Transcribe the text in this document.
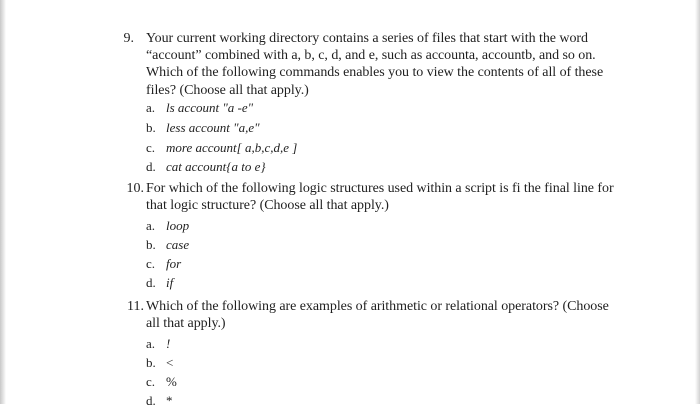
9. Your current working directory contains a series of files that start with the word
“account” combined with a, b, c, d, and e, such as accounta, accountb, and so on.
Which of the following commands enables you to view the contents of all of these
files? (Choose all that apply.)
a. ls account "a -e"
b. less account "a,e"
c. more account[ a,b,c,d,e ]
d. cat account{a to e}
10. For which of the following logic structures used within a script is fi the final line for
that logic structure? (Choose all that apply.)
a. loop
b. case
c. for
d. if
11. Which of the following are examples of arithmetic or relational operators? (Choose
all that apply.)
a. !
b. <
c. %
d. *
